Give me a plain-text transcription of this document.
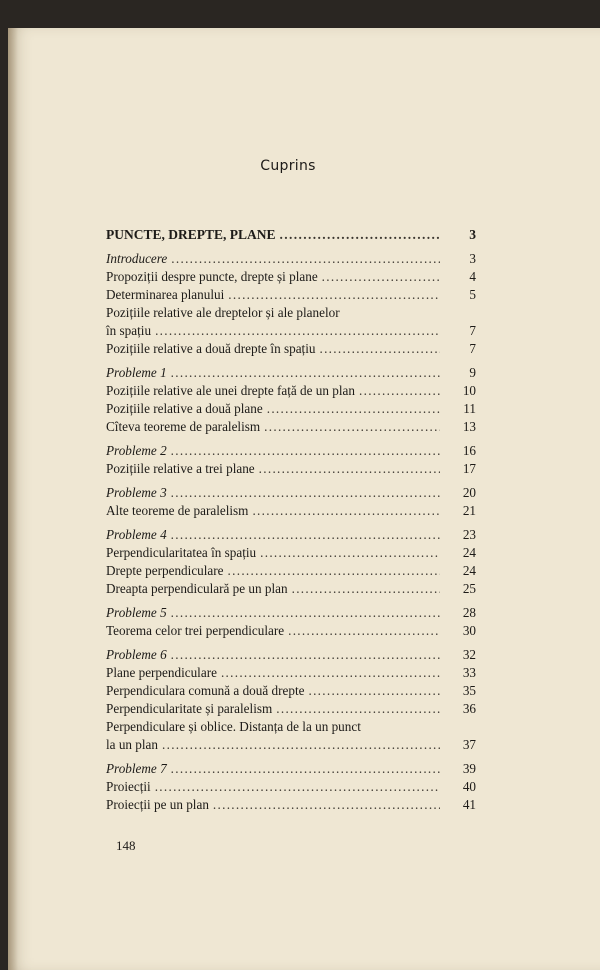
Cuprins
PUNCTE, DREPTE, PLANE . . .	3
Introducere . . .	3
Propoziții despre puncte, drepte și plane . . .	4
Determinarea planului . . .	5
Pozițiile relative ale dreptelor și ale planelor
în spațiu . . .	7
Pozițiile relative a două drepte în spațiu . . .	7
Probleme 1 . . .	9
Pozițiile relative ale unei drepte față de un plan . . .	10
Pozițiile relative a două plane . . .	11
Cîteva teoreme de paralelism . . .	13
Probleme 2 . . .	16
Pozițiile relative a trei plane . . .	17
Probleme 3 . . .	20
Alte teoreme de paralelism . . .	21
Probleme 4 . . .	23
Perpendicularitatea în spațiu . . .	24
Drepte perpendiculare . . .	24
Dreapta perpendiculară pe un plan . . .	25
Probleme 5 . . .	28
Teorema celor trei perpendiculare . . .	30
Probleme 6 . . .	32
Plane perpendiculare . . .	33
Perpendiculara comună a două drepte . . .	35
Perpendicularitate și paralelism . . .	36
Perpendiculare și oblice. Distanța de la un punct
la un plan . . .	37
Probleme 7 . . .	39
Proiecții . . .	40
Proiecții pe un plan . . .	41
148
